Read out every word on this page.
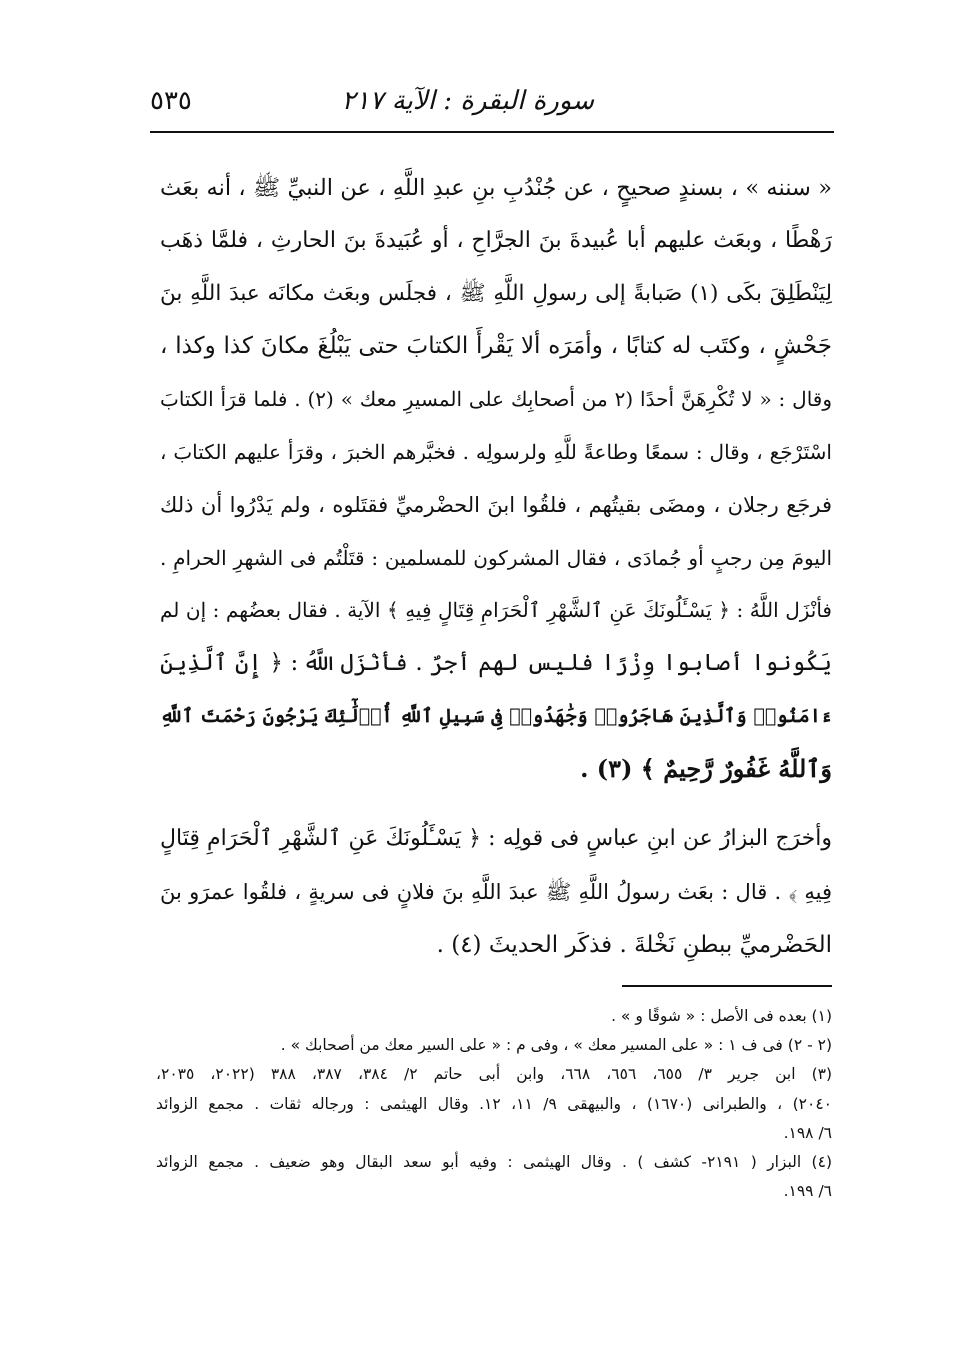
٥٣٥	سورة البقرة : الآية ٢١٧

« سننه » ، بسندٍ صحيحٍ ، عن جُنْدُبِ بنِ عبدِ اللَّهِ ، عن النبيِّ ﷺ ، أنه بعَث
رَهْطًا ، وبعَث عليهم أبا عُبيدةَ بنَ الجرَّاحِ ، أو عُبَيدةَ بنَ الحارثِ ، فلمَّا ذهَب
لِيَنْطَلِقَ بكَى (١) صَبابةً إلى رسولِ اللَّهِ ﷺ ، فجلَس وبعَث مكانَه عبدَ اللَّهِ بنَ
جَحْشٍ ، وكتَب له كتابًا ، وأمَرَه ألا يَقْرأَ الكتابَ حتى يَبْلُغَ مكانَ كذا وكذا ،
وقال : « لا تُكْرِهَنَّ أحدًا (٢ من أصحابِك على المسيرِ معك » (٢) . فلما قرَأ الكتابَ
اسْتَرْجَع ، وقال : سمعًا وطاعةً للَّهِ ولرسولِه . فخبَّرهم الخبرَ ، وقرَأ عليهم الكتابَ ،
فرجَع رجلان ، ومضَى بقيتُهم ، فلقُوا ابنَ الحضْرميِّ فقتَلوه ، ولم يَدْرُوا أن ذلك
اليومَ مِن رجبٍ أو جُمادَى ، فقال المشركون للمسلمين : قتَلْتُم فى الشهرِ الحرامِ .
فأنْزَل اللَّهُ : ﴿ يَسْـَٔلُونَكَ عَنِ ٱلشَّهْرِ ٱلْحَرَامِ قِتَالٍ فِيهِ ﴾ الآية . فقال بعضُهم : إن لم
يَكُونوا أصابوا وِزْرًا فليس لهم أجرٌ . فأنْزَل اللَّهُ : ﴿ إِنَّ ٱلَّذِينَ
ءَامَنُوا۟ وَٱلَّذِينَ هَاجَرُوا۟ وَجَٰهَدُوا۟ فِى سَبِيلِ ٱللَّهِ أُو۟لَٰٓئِكَ يَرْجُونَ رَحْمَتَ ٱللَّهِ
وَٱللَّهُ غَفُورٌ رَّحِيمٌ ﴾ (٣) .

وأخرَج البزارُ عن ابنِ عباسٍ فى قولِه : ﴿ يَسْـَٔلُونَكَ عَنِ ٱلشَّهْرِ ٱلْحَرَامِ قِتَالٍ
فِيهِ ﴾ . قال : بعَث رسولُ اللَّهِ ﷺ عبدَ اللَّهِ بنَ فلانٍ فى سريةٍ ، فلقُوا عمرَو بنَ
الحَضْرميِّ ببطنِ نَخْلةَ . فذكَر الحديثَ (٤) .

(١) بعده فى الأصل : « شوقًا و » .

(٢ - ٢) فى ف ١ : « على المسير معك » ، وفى م : « على السير معك من أصحابك » .

(٣) ابن جرير ٣/ ٦٥٥، ٦٥٦، ٦٦٨، وابن أبى حاتم ٢/ ٣٨٤، ٣٨٧، ٣٨٨ (٢٠٢٢، ٢٠٣٥،
٢٠٤٠) ، والطبرانى (١٦٧٠) ، والبيهقى ٩/ ١١، ١٢. وقال الهيثمى : ورجاله ثقات . مجمع الزوائد
٦/ ١٩٨.

(٤) البزار ( ٢١٩١- كشف ) . وقال الهيثمى : وفيه أبو سعد البقال وهو ضعيف . مجمع الزوائد
٦/ ١٩٩.
